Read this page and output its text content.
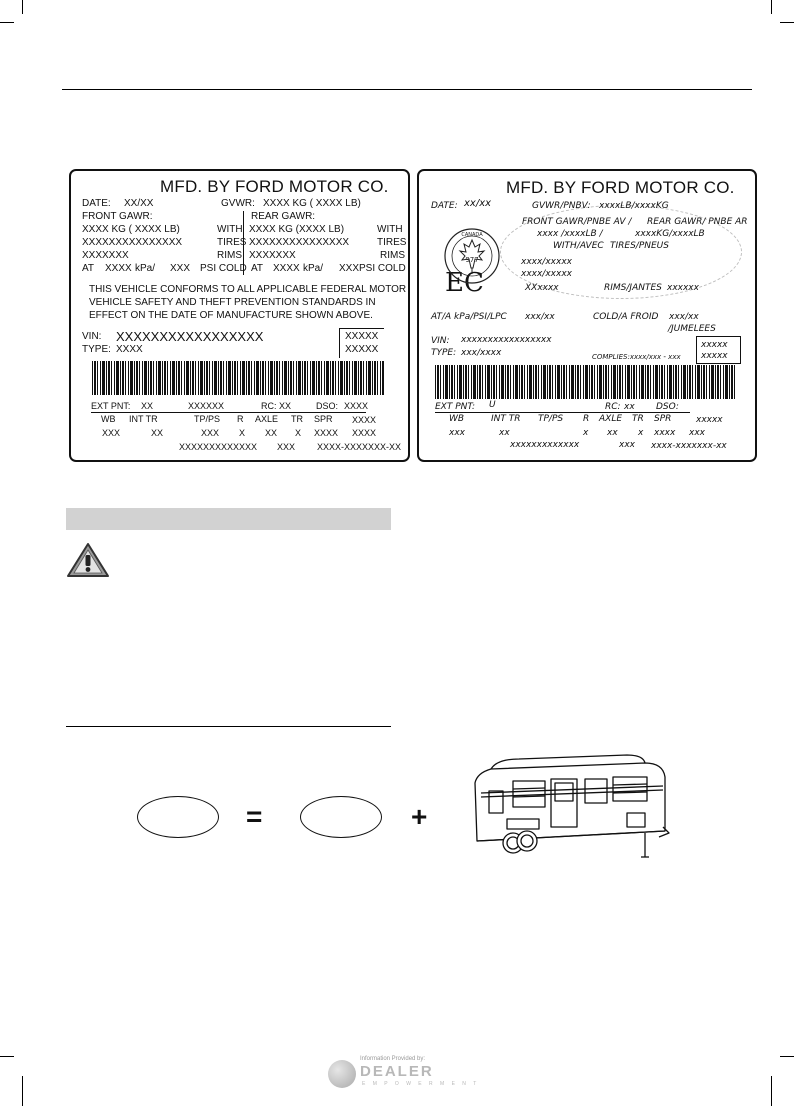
MFD. BY FORD MOTOR CO.
DATE: XX/XX	GVWR: XXXX KG ( XXXX LB)
FRONT GAWR:	REAR GAWR:
XXXX KG ( XXXX LB)	WITH XXXX KG (XXXX LB)	WITH
XXXXXXXXXXXXXXX	TIRES XXXXXXXXXXXXXXX	TIRES
XXXXXXX	RIMS XXXXXXX	RIMS
AT XXXX kPa/ XXX PSI COLD AT XXXX kPa/ XXX PSI COLD
THIS VEHICLE CONFORMS TO ALL APPLICABLE FEDERAL MOTOR
VEHICLE SAFETY AND THEFT PREVENTION STANDARDS IN
EFFECT ON THE DATE OF MANUFACTURE SHOWN ABOVE.
VIN: XXXXXXXXXXXXXXXXX
TYPE: XXXX
XXXXX
XXXXX
EXT PNT: XX	XXXXXX	RC: XX	DSO: XXXX
WB INT TR	TP/PS R AXLE TR SPR XXXX
XXX	XX	XXX X XX X XXXX XXXX
XXXXXXXXXXXXX XXX XXXX-XXXXXXX-XX
MFD. BY FORD MOTOR CO.
DATE: xx/xx	GVWR/PNBV: xxxxLB/xxxxKG
FRONT GAWR/PNBE AV / REAR GAWR/ PNBE AR
xxxx /xxxxLB /	xxxxKG/xxxxLB
WITH/AVEC TIRES/PNEUS
xxxx/xxxxx
xxxx/xxxxx
XXxxxx	RIMS/JANTES xxxxxx
EC
AT/A kPa/PSI/LPC xxx/xx	COLD/A FROID xxx/xx
/JUMELEES
VIN: xxxxxxxxxxxxxxxxx
TYPE: xxx/xxxx	COMPLIES:xxxx/xxx - xxx
xxxxx
xxxxx
EXT PNT: U	RC: xx DSO:
WB	INT TR TP/PS R AXLE TR SPR	xxxxx
xxx	xx	x xx x xxxx xxx
xxxxxxxxxxxxx	xxx xxxx-xxxxxxx-xx
CANADA
977
=	+
Information Provided by:
DEALER
E M P O W E R M E N T
